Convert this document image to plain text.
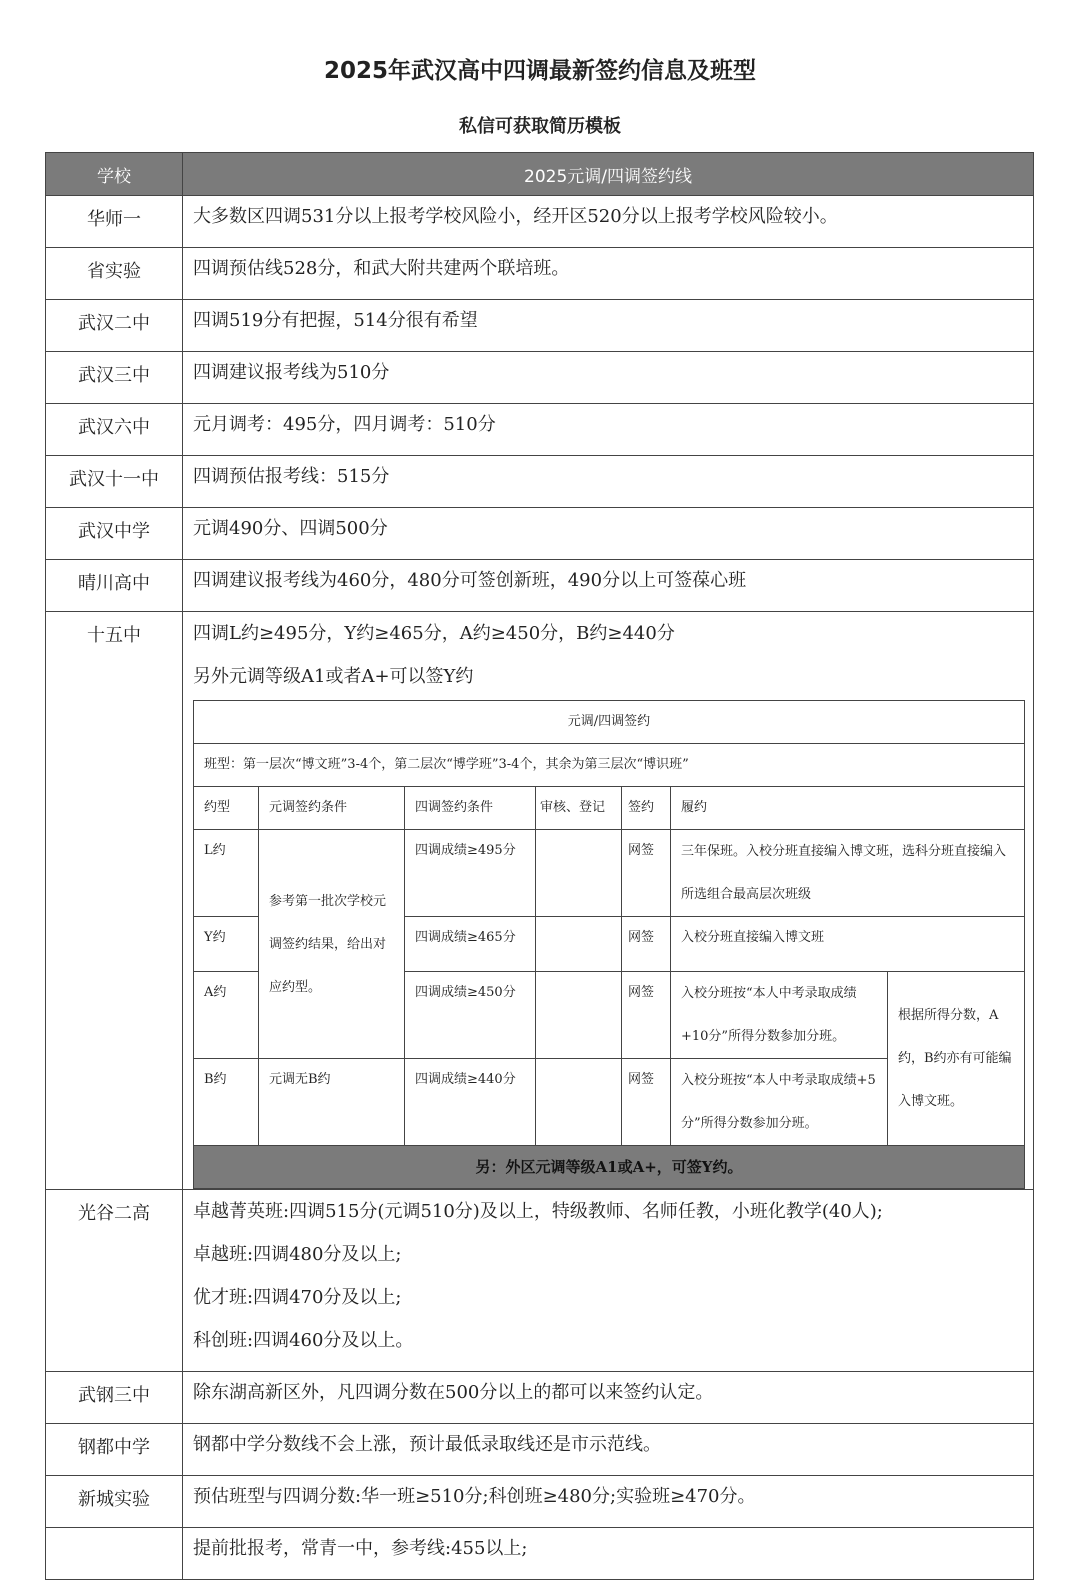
2025年武汉高中四调最新签约信息及班型
私信可获取简历模板
学校	2025元调/四调签约线
华师一	大多数区四调531分以上报考学校风险小，经开区520分以上报考学校风险较小。

省实验	四调预估线528分，和武大附共建两个联培班。

武汉二中	四调519分有把握，514分很有希望

武汉三中	四调建议报考线为510分

武汉六中	元月调考：495分，四月调考：510分

武汉十一中	四调预估报考线：515分

武汉中学	元调490分、四调500分

晴川高中	四调建议报考线为460分，480分可签创新班，490分以上可签葆心班

十五中	四调L约≥495分，Y约≥465分，A约≥450分，B约≥440分
另外元调等级A1或者A+可以签Y约
元调/四调签约
班型：第一层次“博文班”3-4个，第二层次“博学班”3-4个，其余为第三层次“博识班”
约型	元调签约条件	四调签约条件	审核、登记	签约	履约
L约	参考第一批次学校元调签约结果，给出对应约型。	四调成绩≥495分		网签	三年保班。入校分班直接编入博文班，选科分班直接编入所选组合最高层次班级
Y约	四调成绩≥465分		网签	入校分班直接编入博文班
A约	四调成绩≥450分		网签	入校分班按“本人中考录取成绩+10分”所得分数参加分班。	根据所得分数，A约，B约亦有可能编入博文班。
B约	元调无B约	四调成绩≥440分		网签	入校分班按“本人中考录取成绩+5分”所得分数参加分班。
另：外区元调等级A1或A+，可签Y约。

光谷二高	卓越菁英班:四调515分(元调510分)及以上，特级教师、名师任教，小班化教学(40人);
卓越班:四调480分及以上;
优才班:四调470分及以上;
科创班:四调460分及以上。

武钢三中	除东湖高新区外，凡四调分数在500分以上的都可以来签约认定。

钢都中学	钢都中学分数线不会上涨，预计最低录取线还是市示范线。

新城实验	预估班型与四调分数:华一班≥510分;科创班≥480分;实验班≥470分。

提前批报考，常青一中，参考线:455以上;
